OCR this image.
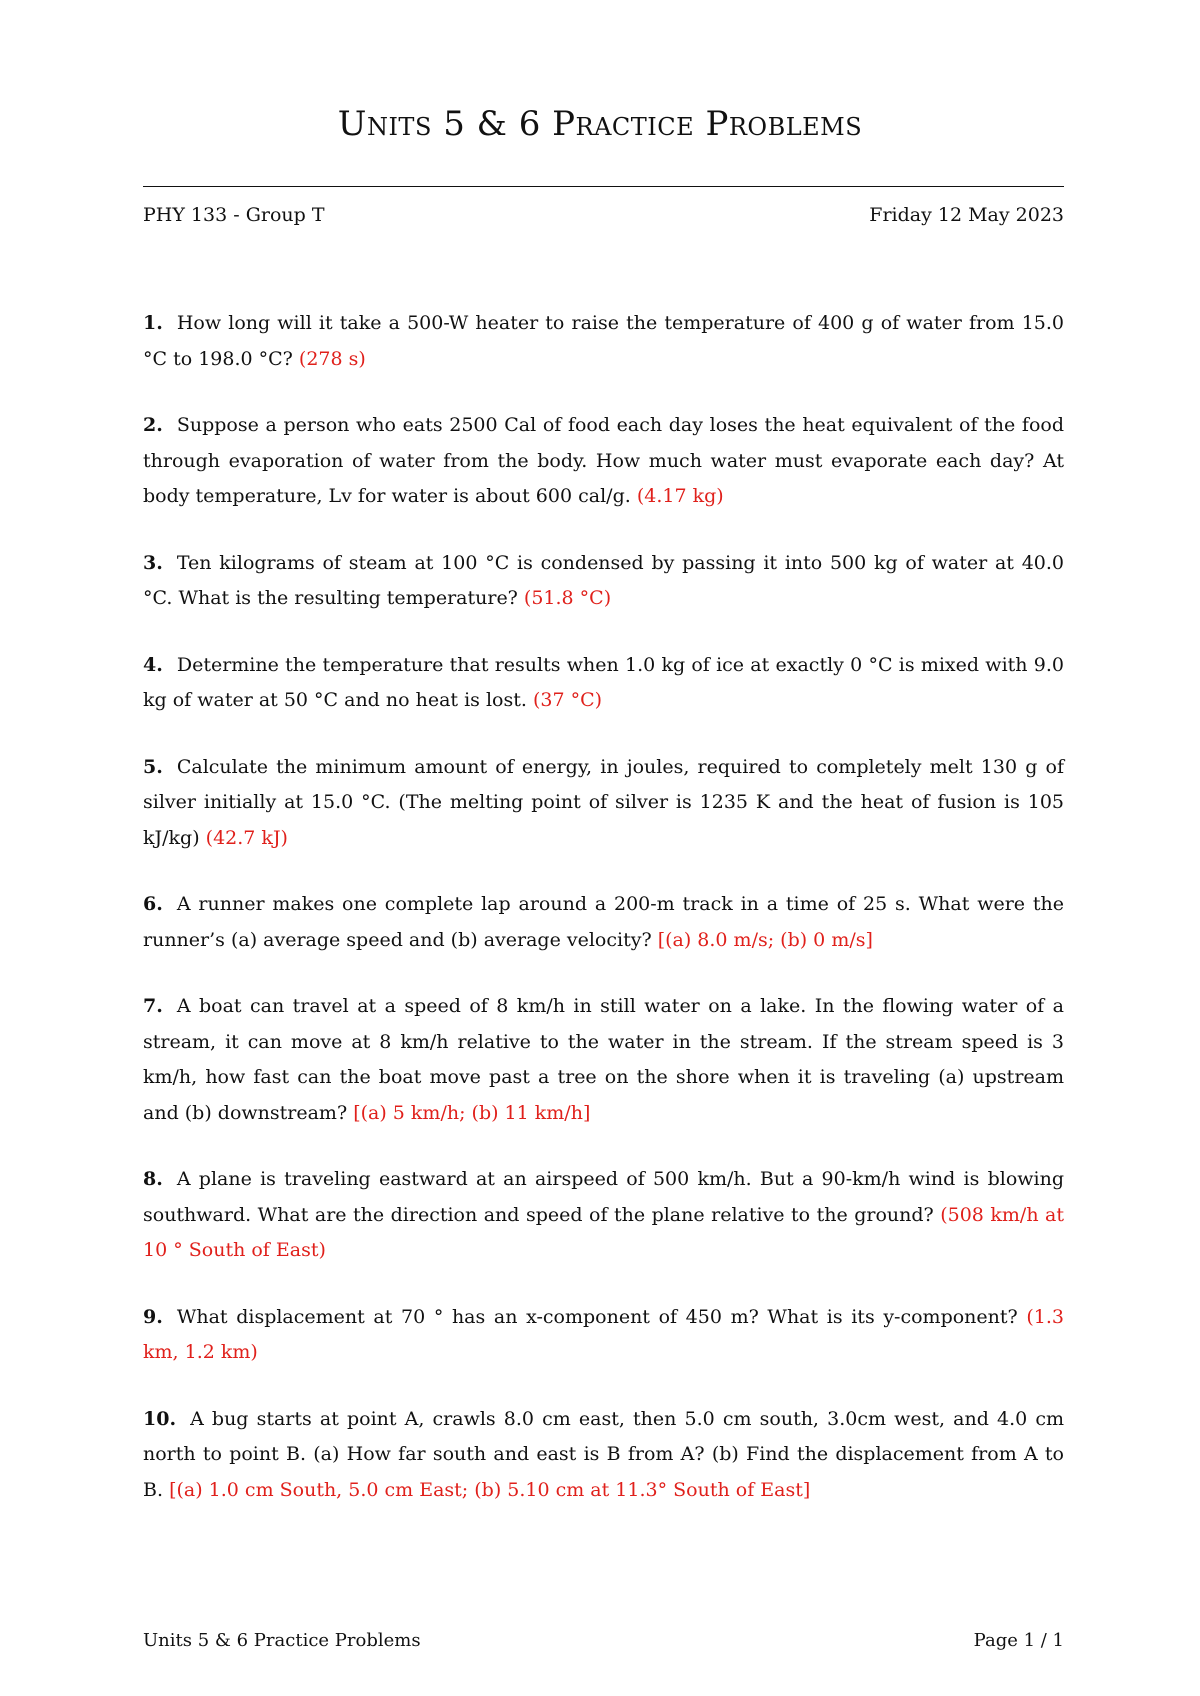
Units 5 & 6 Practice Problems
PHY 133 - Group T	Friday 12 May 2023

1. How long will it take a 500-W heater to raise the temperature of 400 g of water from 15.0 °C to 198.0 °C? (278 s)

2. Suppose a person who eats 2500 Cal of food each day loses the heat equivalent of the food through evaporation of water from the body. How much water must evaporate each day? At body temperature, Lv for water is about 600 cal/g. (4.17 kg)

3. Ten kilograms of steam at 100 °C is condensed by passing it into 500 kg of water at 40.0 °C. What is the resulting temperature? (51.8 °C)

4. Determine the temperature that results when 1.0 kg of ice at exactly 0 °C is mixed with 9.0 kg of water at 50 °C and no heat is lost. (37 °C)

5. Calculate the minimum amount of energy, in joules, required to completely melt 130 g of silver initially at 15.0 °C. (The melting point of silver is 1235 K and the heat of fusion is 105 kJ/kg) (42.7 kJ)

6. A runner makes one complete lap around a 200-m track in a time of 25 s. What were the runner’s (a) average speed and (b) average velocity? [(a) 8.0 m/s; (b) 0 m/s]

7. A boat can travel at a speed of 8 km/h in still water on a lake. In the flowing water of a stream, it can move at 8 km/h relative to the water in the stream. If the stream speed is 3 km/h, how fast can the boat move past a tree on the shore when it is traveling (a) upstream and (b) downstream? [(a) 5 km/h; (b) 11 km/h]

8. A plane is traveling eastward at an airspeed of 500 km/h. But a 90-km/h wind is blowing southward. What are the direction and speed of the plane relative to the ground? (508 km/h at 10 ° South of East)

9. What displacement at 70 ° has an x-component of 450 m? What is its y-component? (1.3 km, 1.2 km)

10. A bug starts at point A, crawls 8.0 cm east, then 5.0 cm south, 3.0cm west, and 4.0 cm north to point B. (a) How far south and east is B from A? (b) Find the displacement from A to B. [(a) 1.0 cm South, 5.0 cm East; (b) 5.10 cm at 11.3° South of East]

Units 5 & 6 Practice Problems	Page 1 / 1
